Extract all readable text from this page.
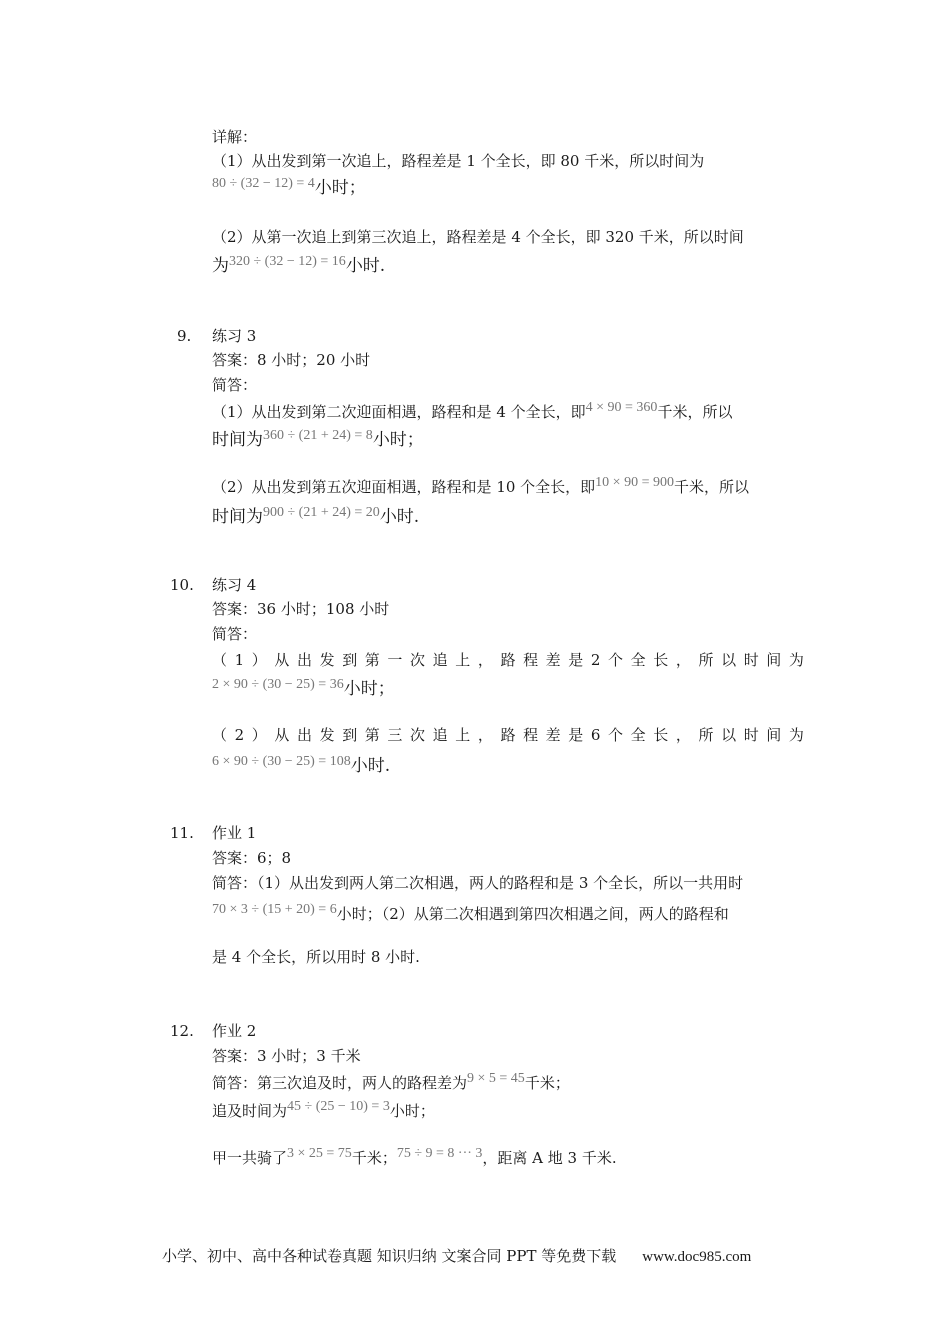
详解：
（1）从出发到第一次追上，路程差是 1 个全长，即 80 千米，所以时间为
80 ÷ (32 − 12) = 4小时；
（2）从第一次追上到第三次追上，路程差是 4 个全长，即 320 千米，所以时间
为320 ÷ (32 − 12) = 16小时.
9. 练习 3
答案：8 小时；20 小时
简答：
（1）从出发到第二次迎面相遇，路程和是 4 个全长，即4 × 90 = 360千米，所以
时间为360 ÷ (21 + 24) = 8小时；
（2）从出发到第五次迎面相遇，路程和是 10 个全长，即10 × 90 = 900千米，所以
时间为900 ÷ (21 + 24) = 20小时.
10. 练习 4
答案：36 小时；108 小时
简答：
（ 1 ） 从 出 发 到 第 一 次 追 上 ， 路 程 差 是 2 个 全 长 ， 所 以 时 间 为
2 × 90 ÷ (30 − 25) = 36小时；
（ 2 ） 从 出 发 到 第 三 次 追 上 ， 路 程 差 是 6 个 全 长 ， 所 以 时 间 为
6 × 90 ÷ (30 − 25) = 108小时.
11. 作业 1
答案：6；8
简答：（1）从出发到两人第二次相遇，两人的路程和是 3 个全长，所以一共用时
70 × 3 ÷ (15 + 20) = 6小时；（2）从第二次相遇到第四次相遇之间，两人的路程和
是 4 个全长，所以用时 8 小时.
12. 作业 2
答案：3 小时；3 千米
简答：第三次追及时，两人的路程差为9 × 5 = 45千米；
追及时间为45 ÷ (25 − 10) = 3小时；
甲一共骑了3 × 25 = 75千米；75 ÷ 9 = 8 ··· 3，距离 A 地 3 千米.
小学、初中、高中各种试卷真题 知识归纳 文案合同 PPT 等免费下载 www.doc985.com
